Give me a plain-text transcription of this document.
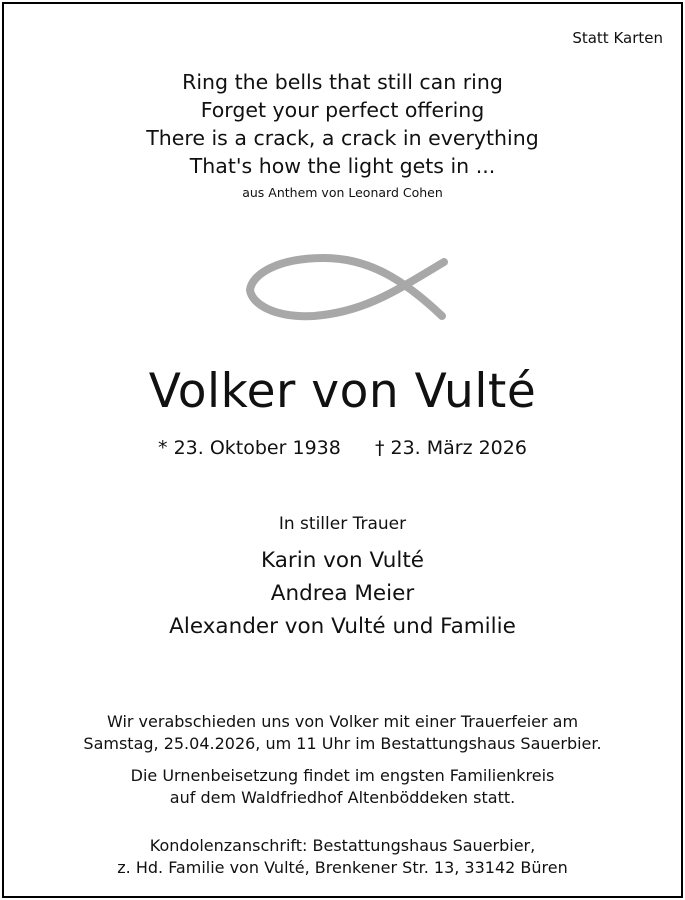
Statt Karten
Ring the bells that still can ring
Forget your perfect offering
There is a crack, a crack in everything
That's how the light gets in ...
aus Anthem von Leonard Cohen
Volker von Vulté
* 23. Oktober 1938 † 23. März 2026
In stiller Trauer
Karin von Vulté
Andrea Meier
Alexander von Vulté und Familie
Wir verabschieden uns von Volker mit einer Trauerfeier am
Samstag, 25.04.2026, um 11 Uhr im Bestattungshaus Sauerbier.
Die Urnenbeisetzung findet im engsten Familienkreis
auf dem Waldfriedhof Altenböddeken statt.
Kondolenzanschrift: Bestattungshaus Sauerbier,
z. Hd. Familie von Vulté, Brenkener Str. 13, 33142 Büren
